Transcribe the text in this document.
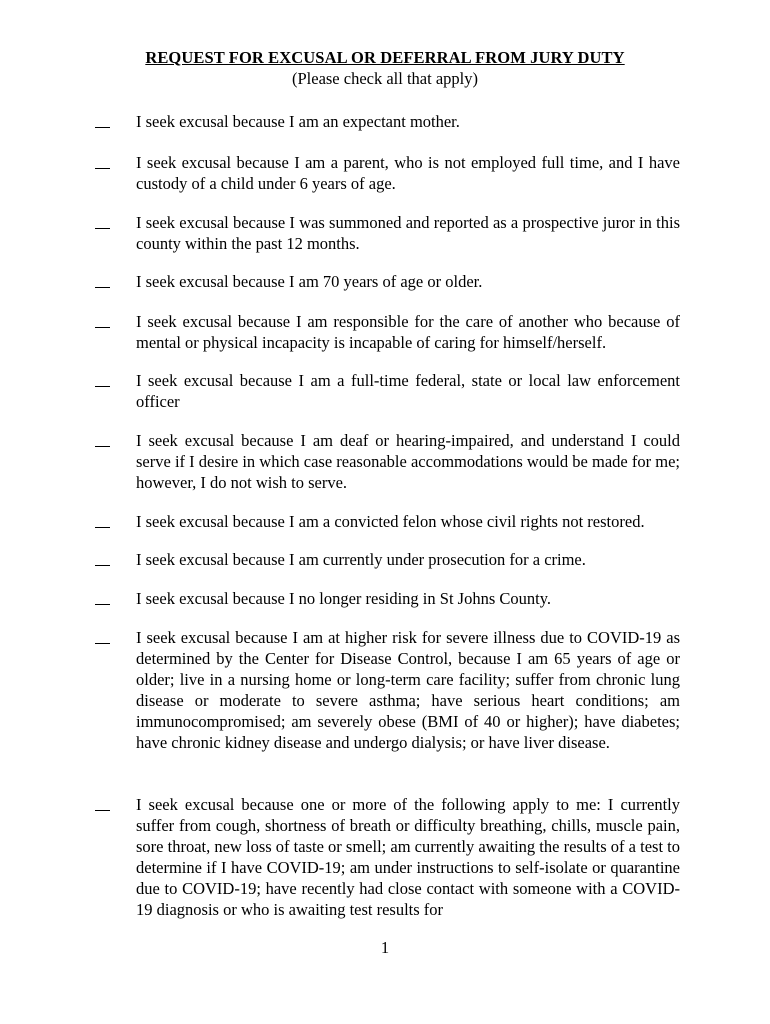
REQUEST FOR EXCUSAL OR DEFERRAL FROM JURY DUTY
(Please check all that apply)
I seek excusal because I am an expectant mother.
I seek excusal because I am a parent, who is not employed full time, and I have custody of a child under 6 years of age.
I seek excusal because I was summoned and reported as a prospective juror in this county within the past 12 months.
I seek excusal because I am 70 years of age or older.
I seek excusal because I am responsible for the care of another who because of mental or physical incapacity is incapable of caring for himself/herself.
I seek excusal because I am a full-time federal, state or local law enforcement officer
I seek excusal because I am deaf or hearing-impaired, and understand I could serve if I desire in which case reasonable accommodations would be made for me; however, I do not wish to serve.
I seek excusal because I am a convicted felon whose civil rights not restored.
I seek excusal because I am currently under prosecution for a crime.
I seek excusal because I no longer residing in St Johns County.
I seek excusal because I am at higher risk for severe illness due to COVID-19 as determined by the Center for Disease Control, because I am 65 years of age or older; live in a nursing home or long-term care facility; suffer from chronic lung disease or moderate to severe asthma; have serious heart conditions; am immunocompromised; am severely obese (BMI of 40 or higher); have diabetes; have chronic kidney disease and undergo dialysis; or have liver disease.
I seek excusal because one or more of the following apply to me: I currently suffer from cough, shortness of breath or difficulty breathing, chills, muscle pain, sore throat, new loss of taste or smell; am currently awaiting the results of a test to determine if I have COVID-19; am under instructions to self-isolate or quarantine due to COVID-19; have recently had close contact with someone with a COVID-19 diagnosis or who is awaiting test results for
1
